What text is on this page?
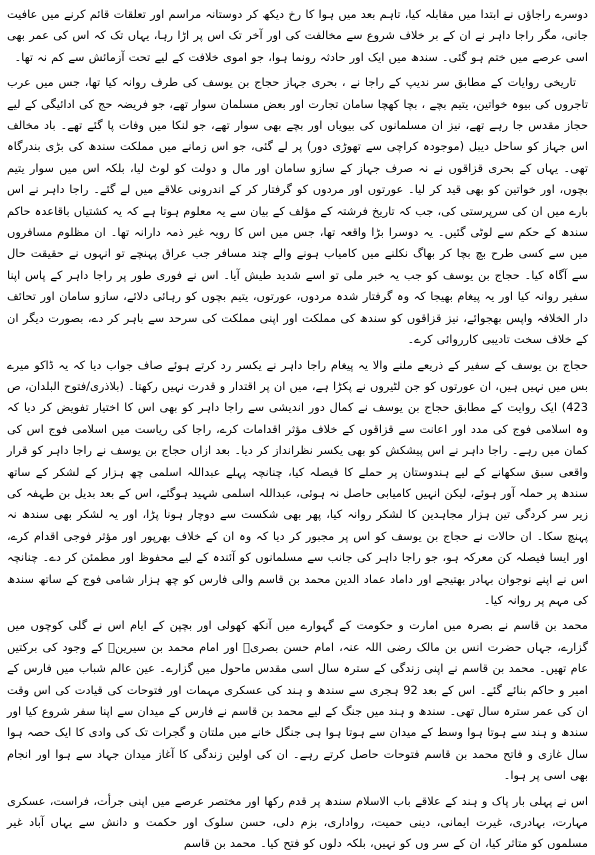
دوسرے راجاؤں نے ابتدا میں مقابلہ کیا، تاہم بعد میں ہوا کا رخ دیکھ کر دوستانہ مراسم اور تعلقات قائم کرنے میں عافیت جانی، مگر راجا داہر نے ان کے بر خلاف شروع سے مخالفت کی اور آخر تک اس پر اڑا رہا، یہاں تک کہ اس کی عمر بھی اسی عرصے میں ختم ہو گئی۔ سندھ میں ایک اور حادثہ رونما ہوا، جو اموی خلافت کے لیے تحت آزمائش سے کم نہ تھا۔

تاریخی روایات کے مطابق سر ندیپ کے راجا نے ، بحری جہاز حجاج بن یوسف کی طرف روانہ کیا تھا، جس میں عرب تاجروں کی بیوہ خواتین، یتیم بچے ، بچا کھچا سامان تجارت اور بعض مسلمان سوار تھے، جو فریضہ حج کی ادائیگی کے لیے حجاز مقدس جا رہے تھے، نیز ان مسلمانوں کی بیویاں اور بچے بھی سوار تھے، جو لنکا میں وفات پا گئے تھے۔ باد مخالف اس جہاز کو ساحل دیبل (موجودہ کراچی سے تھوڑی دور) پر لے گئی، جو اس زمانے میں مملکت سندھ کی بڑی بندرگاہ تھی۔ یہاں کے بحری قزاقوں نے نہ صرف جہاز کے سازو سامان اور مال و دولت کو لوٹ لیا، بلکہ اس میں سوار یتیم بچوں، اور خواتین کو بھی قید کر لیا۔ عورتوں اور مردوں کو گرفتار کر کے اندرونی علاقے میں لے گئے۔ راجا داہر نے اس بارے میں ان کی سرپرستی کی، جب کہ تاریخ فرشتہ کے مؤلف کے بیان سے یہ معلوم ہوتا ہے کہ یہ کشتیاں باقاعدہ حاکم سندھ کے حکم سے لوٹی گئیں۔ یہ دوسرا بڑا واقعہ تھا، جس میں اس کا رویہ غیر ذمہ دارانہ تھا۔ ان مظلوم مسافروں میں سے کسی طرح بچ بچا کر بھاگ نکلنے میں کامیاب ہونے والے چند مسافر جب عراق پہنچے تو انہوں نے حقیقت حال سے آگاہ کیا۔ حجاج بن یوسف کو جب یہ خبر ملی تو اسے شدید طیش آیا۔ اس نے فوری طور پر راجا داہر کے پاس اپنا سفیر روانہ کیا اور یہ پیغام بھیجا کہ وہ گرفتار شدہ مردوں، عورتوں، یتیم بچوں کو رہائی دلائے، سازو سامان اور تحائف دار الخلافہ واپس بھجوائے، نیز قزاقوں کو سندھ کی مملکت اور اپنی مملکت کی سرحد سے باہر کر دے، بصورت دیگر ان کے خلاف سخت تادیبی کارروائی کرے۔

حجاج بن یوسف کے سفیر کے ذریعے ملنے والا یہ پیغام راجا داہر نے یکسر رد کرتے ہوئے صاف جواب دیا کہ یہ ڈاکو میرے بس میں نہیں ہیں، ان عورتوں کو جن لٹیروں نے پکڑا ہے، میں ان پر اقتدار و قدرت نہیں رکھتا۔ (بلاذری/فتوح البلدان، ص 423) ایک روایت کے مطابق حجاج بن یوسف نے کمال دور اندیشی سے راجا داہر کو بھی اس کا اختیار تفویض کر دیا کہ وہ اسلامی فوج کی مدد اور اعانت سے قزاقوں کے خلاف مؤثر اقدامات کرے، راجا کی ریاست میں اسلامی فوج اس کی کمان میں رہے۔ راجا داہر نے اس پیشکش کو بھی یکسر نظرانداز کر دیا۔ بعد ازاں حجاج بن یوسف نے راجا داہر کو قرار واقعی سبق سکھانے کے لیے ہندوستان پر حملے کا فیصلہ کیا، چنانچہ پہلے عبداللہ اسلمی چھ ہزار کے لشکر کے ساتھ سندھ پر حملہ آور ہوئے، لیکن انہیں کامیابی حاصل نہ ہوئی، عبداللہ اسلمی شہید ہوگئے، اس کے بعد بدیل بن طہفہ کی زیر سر کردگی تین ہزار مجاہدین کا لشکر روانہ کیا، پھر بھی شکست سے دوچار ہونا پڑا، اور یہ لشکر بھی سندھ نہ پہنچ سکا۔ ان حالات نے حجاج بن یوسف کو اس پر مجبور کر دیا کہ وہ ان کے خلاف بھرپور اور مؤثر فوجی اقدام کرے، اور ایسا فیصلہ کن معرکہ ہو، جو راجا داہر کی جانب سے مسلمانوں کو آئندہ کے لیے محفوظ اور مطمئن کر دے۔ چنانچہ اس نے اپنے نوجوان بہادر بھتیجے اور داماد عماد الدین محمد بن قاسم والی فارس کو چھ ہزار شامی فوج کے ساتھ سندھ کی مہم پر روانہ کیا۔

محمد بن قاسم نے بصرہ میں امارت و حکومت کے گہوارے میں آنکھ کھولی اور بچپن کے ایام اس نے گلی کوچوں میں گزارے، جہاں حضرت انس بن مالک رضی اللہ عنہ، امام حسن بصریؒ اور امام محمد بن سیرینؒ کے وجود کی برکتیں عام تھیں۔ محمد بن قاسم نے اپنی زندگی کے سترہ سال اسی مقدس ماحول میں گزارے۔ عین عالم شباب میں فارس کے امیر و حاکم بنائے گئے۔ اس کے بعد 92 ہجری سے سندھ و ہند کی عسکری مہمات اور فتوحات کی قیادت کی اس وقت ان کی عمر سترہ سال تھی۔ سندھ و ہند میں جنگ کے لیے محمد بن قاسم نے فارس کے میدان سے اپنا سفر شروع کیا اور سندھ و ہند سے ہوتا ہوا وسط کے میدان سے ہوتا ہوا ہی جنگل خانے میں ملتان و گجرات تک کی وادی کا ایک حصہ ہوا سال غازی و فاتح محمد بن قاسم فتوحات حاصل کرتے رہے۔ ان کی اولین زندگی کا آغاز میدان جہاد سے ہوا اور انجام بھی اسی پر ہوا۔

اس نے پہلی بار پاک و ہند کے علاقے باب الاسلام سندھ پر قدم رکھا اور مختصر عرصے میں اپنی جرأت، فراست، عسکری مہارت، بہادری، غیرت ایمانی، دینی حمیت، رواداری، بزم دلی، حسن سلوک اور حکمت و دانش سے یہاں آباد غیر مسلموں کو متاثر کیا، ان کے سر وں کو نہیں، بلکہ دلوں کو فتح کیا۔ محمد بن قاسم
